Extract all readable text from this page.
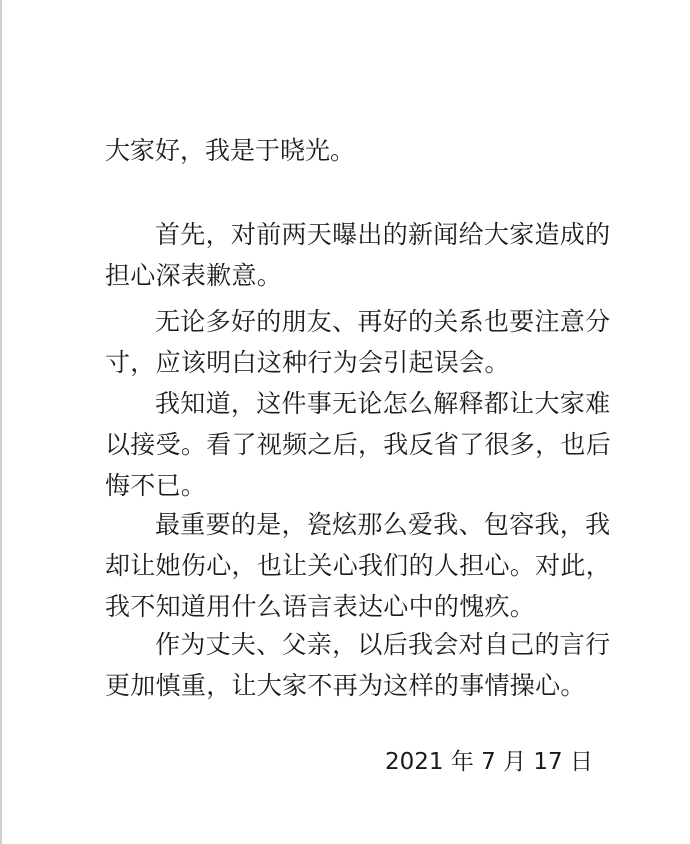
大家好，我是于晓光。
首先，对前两天曝出的新闻给大家造成的担心深表歉意。
无论多好的朋友、再好的关系也要注意分寸，应该明白这种行为会引起误会。
我知道，这件事无论怎么解释都让大家难以接受。看了视频之后，我反省了很多，也后悔不已。
最重要的是，瓷炫那么爱我、包容我，我却让她伤心，也让关心我们的人担心。对此，我不知道用什么语言表达心中的愧疚。
作为丈夫、父亲，以后我会对自己的言行更加慎重，让大家不再为这样的事情操心。
2021 年 7 月 17 日
